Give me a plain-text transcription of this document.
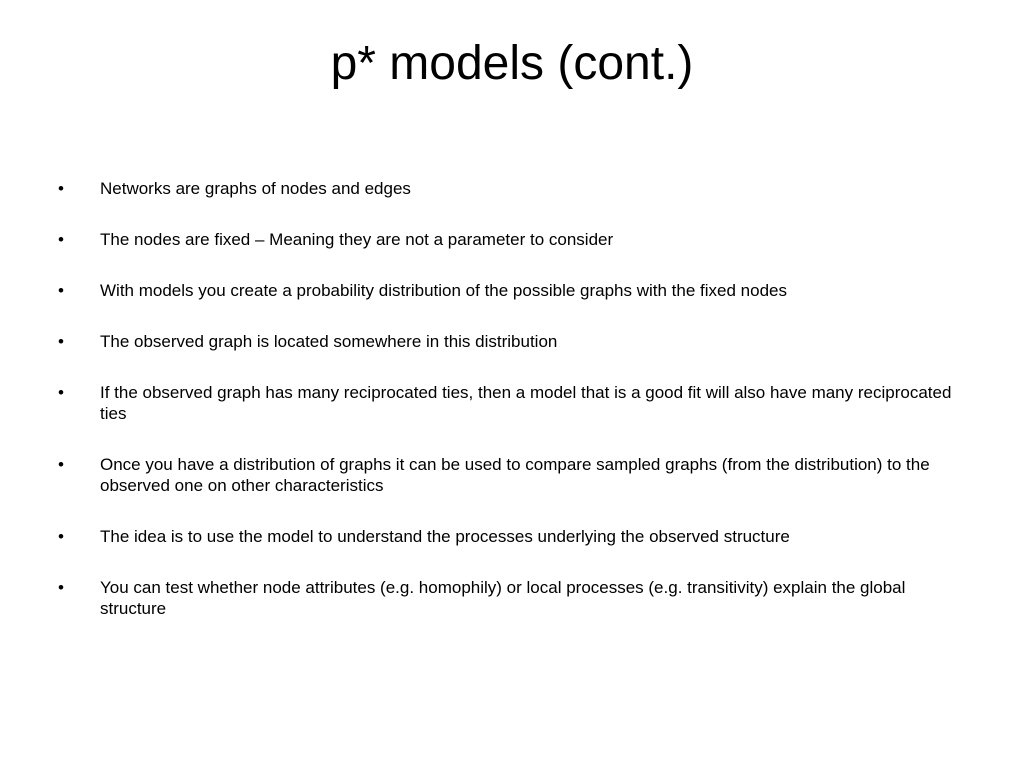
p* models (cont.)
•	Networks are graphs of nodes and edges
•	The nodes are fixed – Meaning they are not a parameter to consider
•	With models you create a probability distribution of the possible graphs with the fixed nodes
•	The observed graph is located somewhere in this distribution
•	If the observed graph has many reciprocated ties, then a model that is a good fit will also have many reciprocated ties
•	Once you have a distribution of graphs it can be used to compare sampled graphs (from the distribution) to the observed one on other characteristics
•	The idea is to use the model to understand the processes underlying the observed structure
•	You can test whether node attributes (e.g. homophily) or local processes (e.g. transitivity) explain the global structure
